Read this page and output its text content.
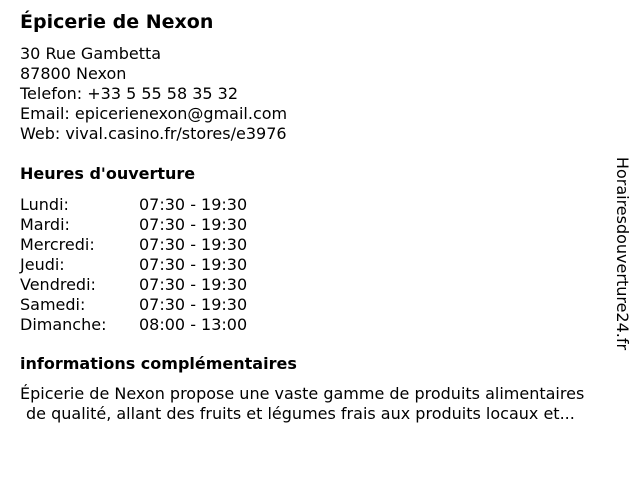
Épicerie de Nexon
30 Rue Gambetta
87800 Nexon
Telefon: +33 5 55 58 35 32
Email: epicerienexon@gmail.com
Web: vival.casino.fr/stores/e3976
Heures d'ouverture
Lundi:	07:30 - 19:30
Mardi:	07:30 - 19:30
Mercredi:	07:30 - 19:30
Jeudi:	07:30 - 19:30
Vendredi:	07:30 - 19:30
Samedi:	07:30 - 19:30
Dimanche:	08:00 - 13:00
informations complémentaires
Épicerie de Nexon propose une vaste gamme de produits alimentaires
de qualité, allant des fruits et légumes frais aux produits locaux et...
Horairesdouverture24.fr
